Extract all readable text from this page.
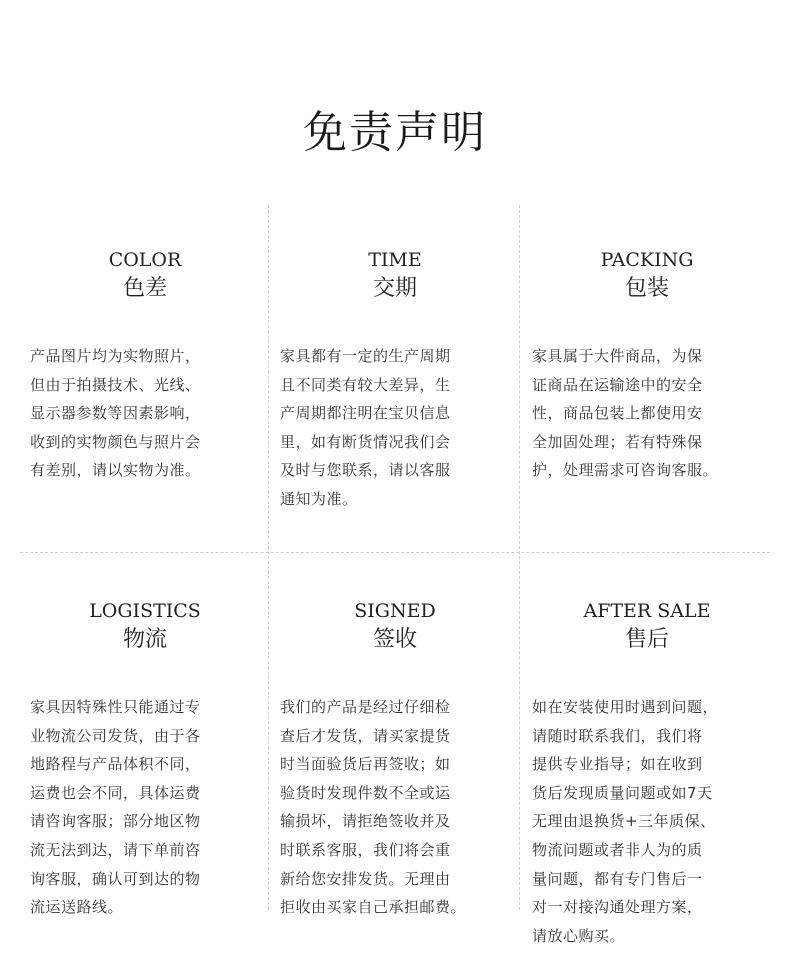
免责声明
COLOR
色差
产品图片均为实物照片，
但由于拍摄技术、光线、
显示器参数等因素影响，
收到的实物颜色与照片会
有差别，请以实物为准。
TIME
交期
家具都有一定的生产周期
且不同类有较大差异，生
产周期都注明在宝贝信息
里，如有断货情况我们会
及时与您联系，请以客服
通知为准。
PACKING
包装
家具属于大件商品，为保
证商品在运输途中的安全
性，商品包装上都使用安
全加固处理；若有特殊保
护，处理需求可咨询客服。
LOGISTICS
物流
家具因特殊性只能通过专
业物流公司发货，由于各
地路程与产品体积不同，
运费也会不同，具体运费
请咨询客服；部分地区物
流无法到达，请下单前咨
询客服，确认可到达的物
流运送路线。
SIGNED
签收
我们的产品是经过仔细检
查后才发货，请买家提货
时当面验货后再签收；如
验货时发现件数不全或运
输损坏，请拒绝签收并及
时联系客服，我们将会重
新给您安排发货。无理由
拒收由买家自己承担邮费。
AFTER SALE
售后
如在安装使用时遇到问题，
请随时联系我们，我们将
提供专业指导；如在收到
货后发现质量问题或如7天
无理由退换货+三年质保、
物流问题或者非人为的质
量问题，都有专门售后一
对一对接沟通处理方案，
请放心购买。
